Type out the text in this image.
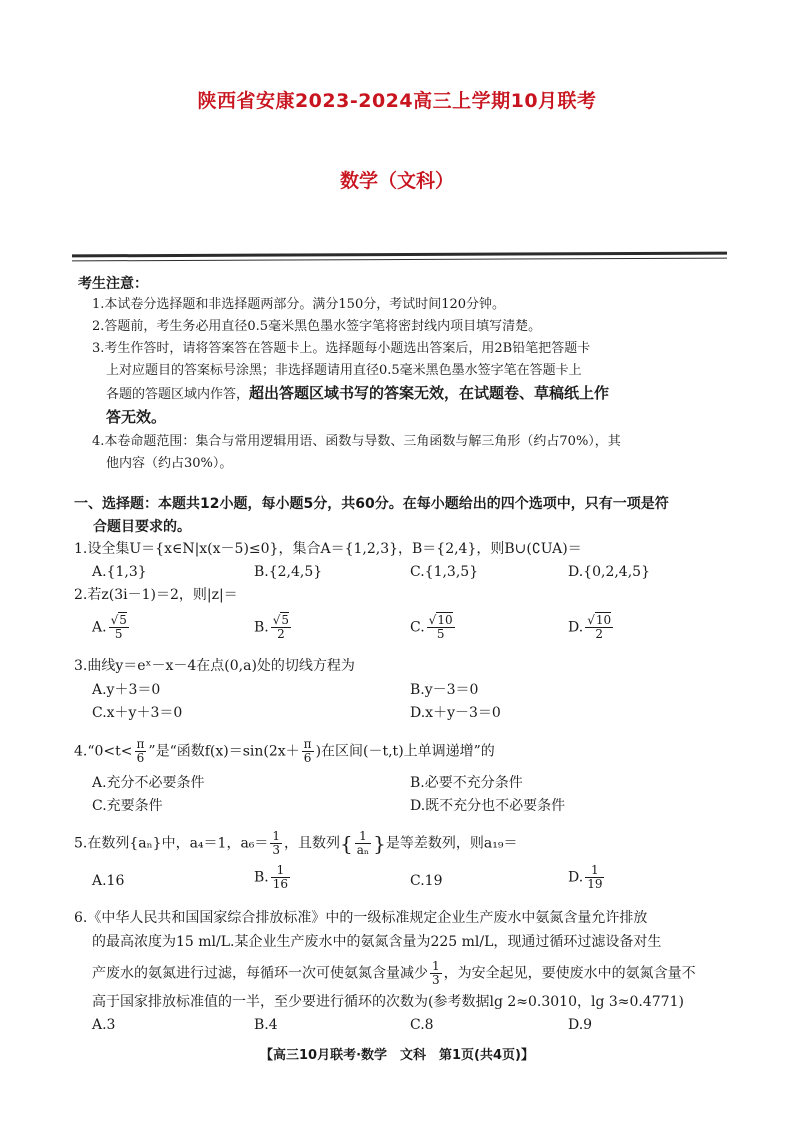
陕西省安康2023-2024高三上学期10月联考
数学（文科）
考生注意：
1.本试卷分选择题和非选择题两部分。满分150分，考试时间120分钟。
2.答题前，考生务必用直径0.5毫米黑色墨水签字笔将密封线内项目填写清楚。
3.考生作答时，请将答案答在答题卡上。选择题每小题选出答案后，用2B铅笔把答题卡
上对应题目的答案标号涂黑；非选择题请用直径0.5毫米黑色墨水签字笔在答题卡上
各题的答题区域内作答，超出答题区域书写的答案无效，在试题卷、草稿纸上作
答无效。
4.本卷命题范围：集合与常用逻辑用语、函数与导数、三角函数与解三角形（约占70%），其
他内容（约占30%）。
一、选择题：本题共12小题，每小题5分，共60分。在每小题给出的四个选项中，只有一项是符
合题目要求的。
1.设全集U＝{x∈N|x(x－5)≤0}，集合A＝{1,2,3}，B＝{2,4}，则B∪(∁UA)＝
A.{1,3}	B.{2,4,5}	C.{1,3,5}	D.{0,2,4,5}
2.若z(3i－1)＝2，则|z|＝
A. $\frac{√5}{5}$	B. $\frac{√5}{2}$	C. $\frac{√10}{5}$	D. $\frac{√10}{2}$
3.曲线y＝eˣ－x－4在点(0,a)处的切线方程为
A.y＋3＝0	B.y－3＝0
C.x＋y＋3＝0	D.x＋y－3＝0
4.“0<t< $\frac{\pi}{6}$ ”是“函数$f(x)=\sin(2x+ \frac{\pi}{6}$ )在区间(－t,t)上单调递增”的
A.充分不必要条件	B.必要不充分条件
C.充要条件	D.既不充分也不必要条件
5.在数列{aₙ}中，a₄＝1，$a_6= \frac{1}{3}$ ，且数列{ $\frac{1}{\text{aₙ}}$ }是等差数列，则a₁₉＝
A.16	B. $\frac{1}{16}$	C.19	D. $\frac{1}{19}$
6.《中华人民共和国国家综合排放标准》中的一级标准规定企业生产废水中氨氮含量允许排放
的最高浓度为15 ml/L.某企业生产废水中的氨氮含量为225 ml/L，现通过循环过滤设备对生
产废水的氨氮进行过滤，每循环一次可使氨氮含量减少 $\frac{1}{3}$ ，为安全起见，要使废水中的氨氮含量不
高于国家排放标准值的一半，至少要进行循环的次数为(参考数据lg 2≈0.3010，lg 3≈0.4771)
A.3	B.4	C.8	D.9
【高三10月联考·数学　文科　第1页(共4页)】
